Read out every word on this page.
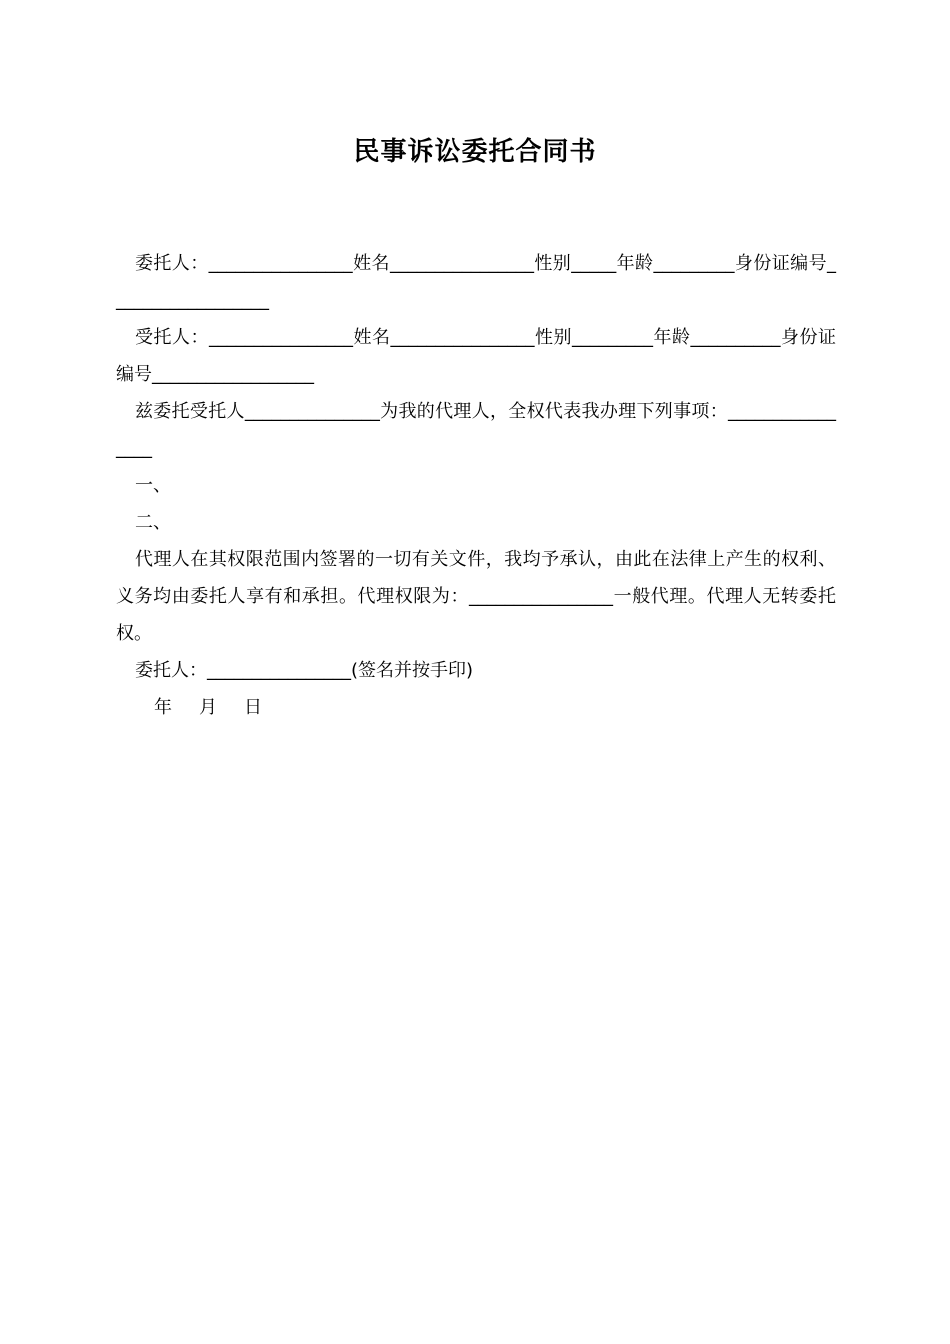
民事诉讼委托合同书

委托人：________________姓名________________性别_____年龄_________身份证编号__________________

受托人：________________姓名________________性别_________年龄__________身份证编号__________________

兹委托受托人_______________为我的代理人，全权代表我办理下列事项：________________

一、

二、

代理人在其权限范围内签署的一切有关文件，我均予承认，由此在法律上产生的权利、义务均由委托人享有和承担。代理权限为：________________一般代理。代理人无转委托权。

委托人：________________(签名并按手印)

年 月 日
